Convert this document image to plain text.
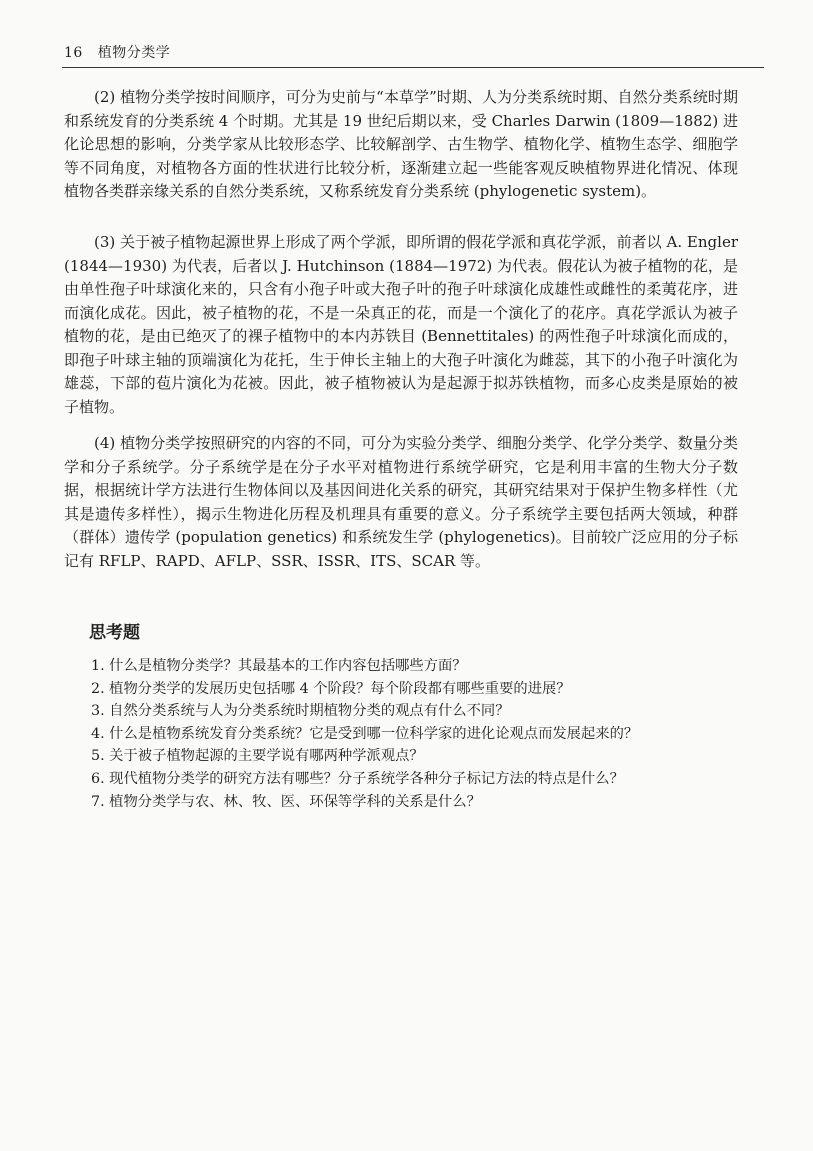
16 植物分类学

(2) 植物分类学按时间顺序，可分为史前与“本草学”时期、人为分类系统时期、自然分类系统时期和系统发育的分类系统 4 个时期。尤其是 19 世纪后期以来，受 Charles Darwin (1809—1882) 进化论思想的影响，分类学家从比较形态学、比较解剖学、古生物学、植物化学、植物生态学、细胞学等不同角度，对植物各方面的性状进行比较分析，逐渐建立起一些能客观反映植物界进化情况、体现植物各类群亲缘关系的自然分类系统，又称系统发育分类系统 (phylogenetic system)。

(3) 关于被子植物起源世界上形成了两个学派，即所谓的假花学派和真花学派，前者以 A. Engler (1844—1930) 为代表，后者以 J. Hutchinson (1884—1972) 为代表。假花认为被子植物的花，是由单性孢子叶球演化来的，只含有小孢子叶或大孢子叶的孢子叶球演化成雄性或雌性的柔荑花序，进而演化成花。因此，被子植物的花，不是一朵真正的花，而是一个演化了的花序。真花学派认为被子植物的花，是由已绝灭了的裸子植物中的本内苏铁目 (Bennettitales) 的两性孢子叶球演化而成的，即孢子叶球主轴的顶端演化为花托，生于伸长主轴上的大孢子叶演化为雌蕊，其下的小孢子叶演化为雄蕊，下部的苞片演化为花被。因此，被子植物被认为是起源于拟苏铁植物，而多心皮类是原始的被子植物。

(4) 植物分类学按照研究的内容的不同，可分为实验分类学、细胞分类学、化学分类学、数量分类学和分子系统学。分子系统学是在分子水平对植物进行系统学研究，它是利用丰富的生物大分子数据，根据统计学方法进行生物体间以及基因间进化关系的研究，其研究结果对于保护生物多样性（尤其是遗传多样性），揭示生物进化历程及机理具有重要的意义。分子系统学主要包括两大领域，种群（群体）遗传学 (population genetics) 和系统发生学 (phylogenetics)。目前较广泛应用的分子标记有 RFLP、RAPD、AFLP、SSR、ISSR、ITS、SCAR 等。

思考题
1. 什么是植物分类学？其最基本的工作内容包括哪些方面？
2. 植物分类学的发展历史包括哪 4 个阶段？每个阶段都有哪些重要的进展？
3. 自然分类系统与人为分类系统时期植物分类的观点有什么不同？
4. 什么是植物系统发育分类系统？它是受到哪一位科学家的进化论观点而发展起来的？
5. 关于被子植物起源的主要学说有哪两种学派观点？
6. 现代植物分类学的研究方法有哪些？分子系统学各种分子标记方法的特点是什么？
7. 植物分类学与农、林、牧、医、环保等学科的关系是什么？
